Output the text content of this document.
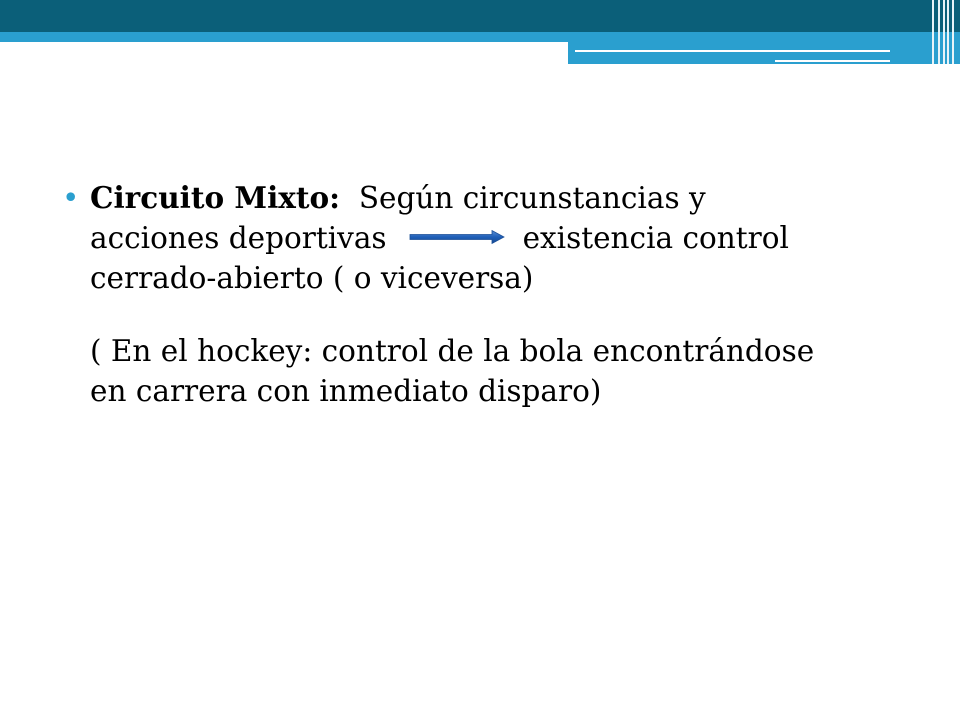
• Circuito Mixto: Según circunstancias y
acciones deportivas	existencia control
cerrado-abierto ( o viceversa)
( En el hockey: control de la bola encontrándose
en carrera con inmediato disparo)
